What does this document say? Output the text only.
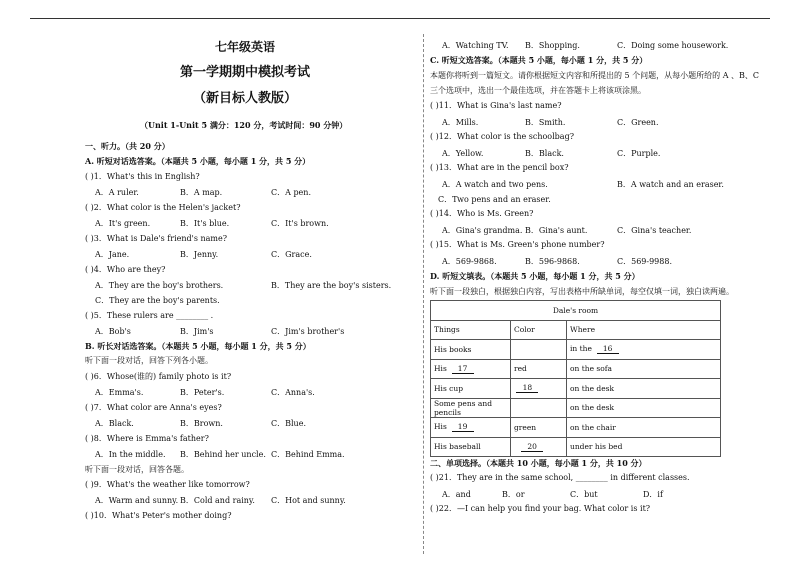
七年级英语
第一学期期中模拟考试
（新目标人教版）
（Unit 1-Unit 5 满分：120 分，考试时间：90 分钟）
一、听力。（共 20 分）
A. 听短对话选答案。（本题共 5 小题，每小题 1 分，共 5 分）
( )1．What's this in English?
A．A ruler.	B．A map.	C．A pen.
( )2．What color is the Helen's jacket?
A．It's green.	B．It's blue.	C．It's brown.
( )3．What is Dale's friend's name?
A．Jane.	B．Jenny.	C．Grace.
( )4．Who are they?
A．They are the boy's brothers.	B．They are the boy's sisters.
C．They are the boy's parents.
( )5．These rulers are ________ .
A．Bob's	B．Jim's	C．Jim's brother's
B. 听长对话选答案。（本题共 5 小题，每小题 1 分，共 5 分）
听下面一段对话，回答下列各小题。
( )6．Whose(谁的) family photo is it?
A．Emma's.	B．Peter's.	C．Anna's.
( )7．What color are Anna's eyes?
A．Black.	B．Brown.	C．Blue.
( )8．Where is Emma's father?
A．In the middle. B．Behind her uncle. C．Behind Emma.
听下面一段对话，回答各题。
( )9．What's the weather like tomorrow?
A．Warm and sunny. B．Cold and rainy. C．Hot and sunny.
( )10．What's Peter's mother doing?
A．Watching TV. B．Shopping.	C．Doing some housework.
C. 听短文选答案。（本题共 5 小题，每小题 1 分，共 5 分）
本题你将听到一篇短文。请你根据短文内容和所提出的 5 个问题，从每小题所给的 A 、B、C
三个选项中，选出一个最佳选项，并在答题卡上将该项涂黑。
( )11．What is Gina's last name?
A．Mills.	B．Smith.	C．Green.
( )12．What color is the schoolbag?
A．Yellow.	B．Black.	C．Purple.
( )13．What are in the pencil box?
A．A watch and two pens.	B．A watch and an eraser.
C．Two pens and an eraser.
( )14．Who is Ms. Green?
A．Gina's grandma. B．Gina's aunt.	C．Gina's teacher.
( )15．What is Ms. Green's phone number?
A．569-9868.	B．596-9868.	C．569-9988.
D. 听短文填表。（本题共 5 小题，每小题 1 分，共 5 分）
听下面一段独白，根据独白内容，写出表格中所缺单词，每空仅填一词，独白读两遍。
二、单项选择。（本题共 10 小题，每小题 1 分，共 10 分）
( )21．They are in the same school, ________ in different classes.
A．and	B．or	C．but	D．if
( )22．—I can help you find your bag. What color is it?
Dale's room		
Things	Color	Where
His books		in the 16
His 17	red	on the sofa
His cup	18	on the desk
Some pens and pencils		on the desk
His 19	green	on the chair
His baseball	20	under his bed
